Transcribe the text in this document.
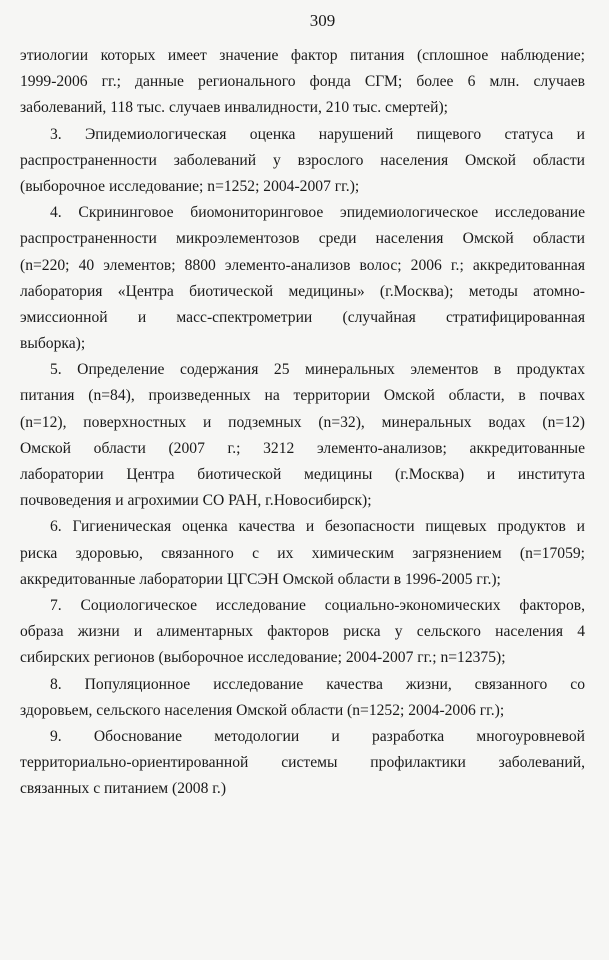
309
этиологии которых имеет значение фактор питания (сплошное наблюдение;
1999-2006 гг.; данные регионального фонда СГМ; более 6 млн. случаев
заболеваний, 118 тыс. случаев инвалидности, 210 тыс. смертей);
3. Эпидемиологическая оценка нарушений пищевого статуса и
распространенности заболеваний у взрослого населения Омской области
(выборочное исследование; n=1252; 2004-2007 гг.);
4. Скрининговое биомониторинговое эпидемиологическое исследование
распространенности микроэлементозов среди населения Омской области
(n=220; 40 элементов; 8800 элементо-анализов волос; 2006 г.; аккредитованная
лаборатория «Центра биотической медицины» (г.Москва); методы атомно-
эмиссионной и масс-спектрометрии (случайная стратифицированная
выборка);
5. Определение содержания 25 минеральных элементов в продуктах
питания (n=84), произведенных на территории Омской области, в почвах
(n=12), поверхностных и подземных (n=32), минеральных водах (n=12)
Омской области (2007 г.; 3212 элементо-анализов; аккредитованные
лаборатории Центра биотической медицины (г.Москва) и института
почвоведения и агрохимии СО РАН, г.Новосибирск);
6. Гигиеническая оценка качества и безопасности пищевых продуктов и
риска здоровью, связанного с их химическим загрязнением (n=17059;
аккредитованные лаборатории ЦГСЭН Омской области в 1996-2005 гг.);
7. Социологическое исследование социально-экономических факторов,
образа жизни и алиментарных факторов риска у сельского населения 4
сибирских регионов (выборочное исследование; 2004-2007 гг.; n=12375);
8. Популяционное исследование качества жизни, связанного со
здоровьем, сельского населения Омской области (n=1252; 2004-2006 гг.);
9. Обоснование методологии и разработка многоуровневой
территориально-ориентированной системы профилактики заболеваний,
связанных с питанием (2008 г.)
